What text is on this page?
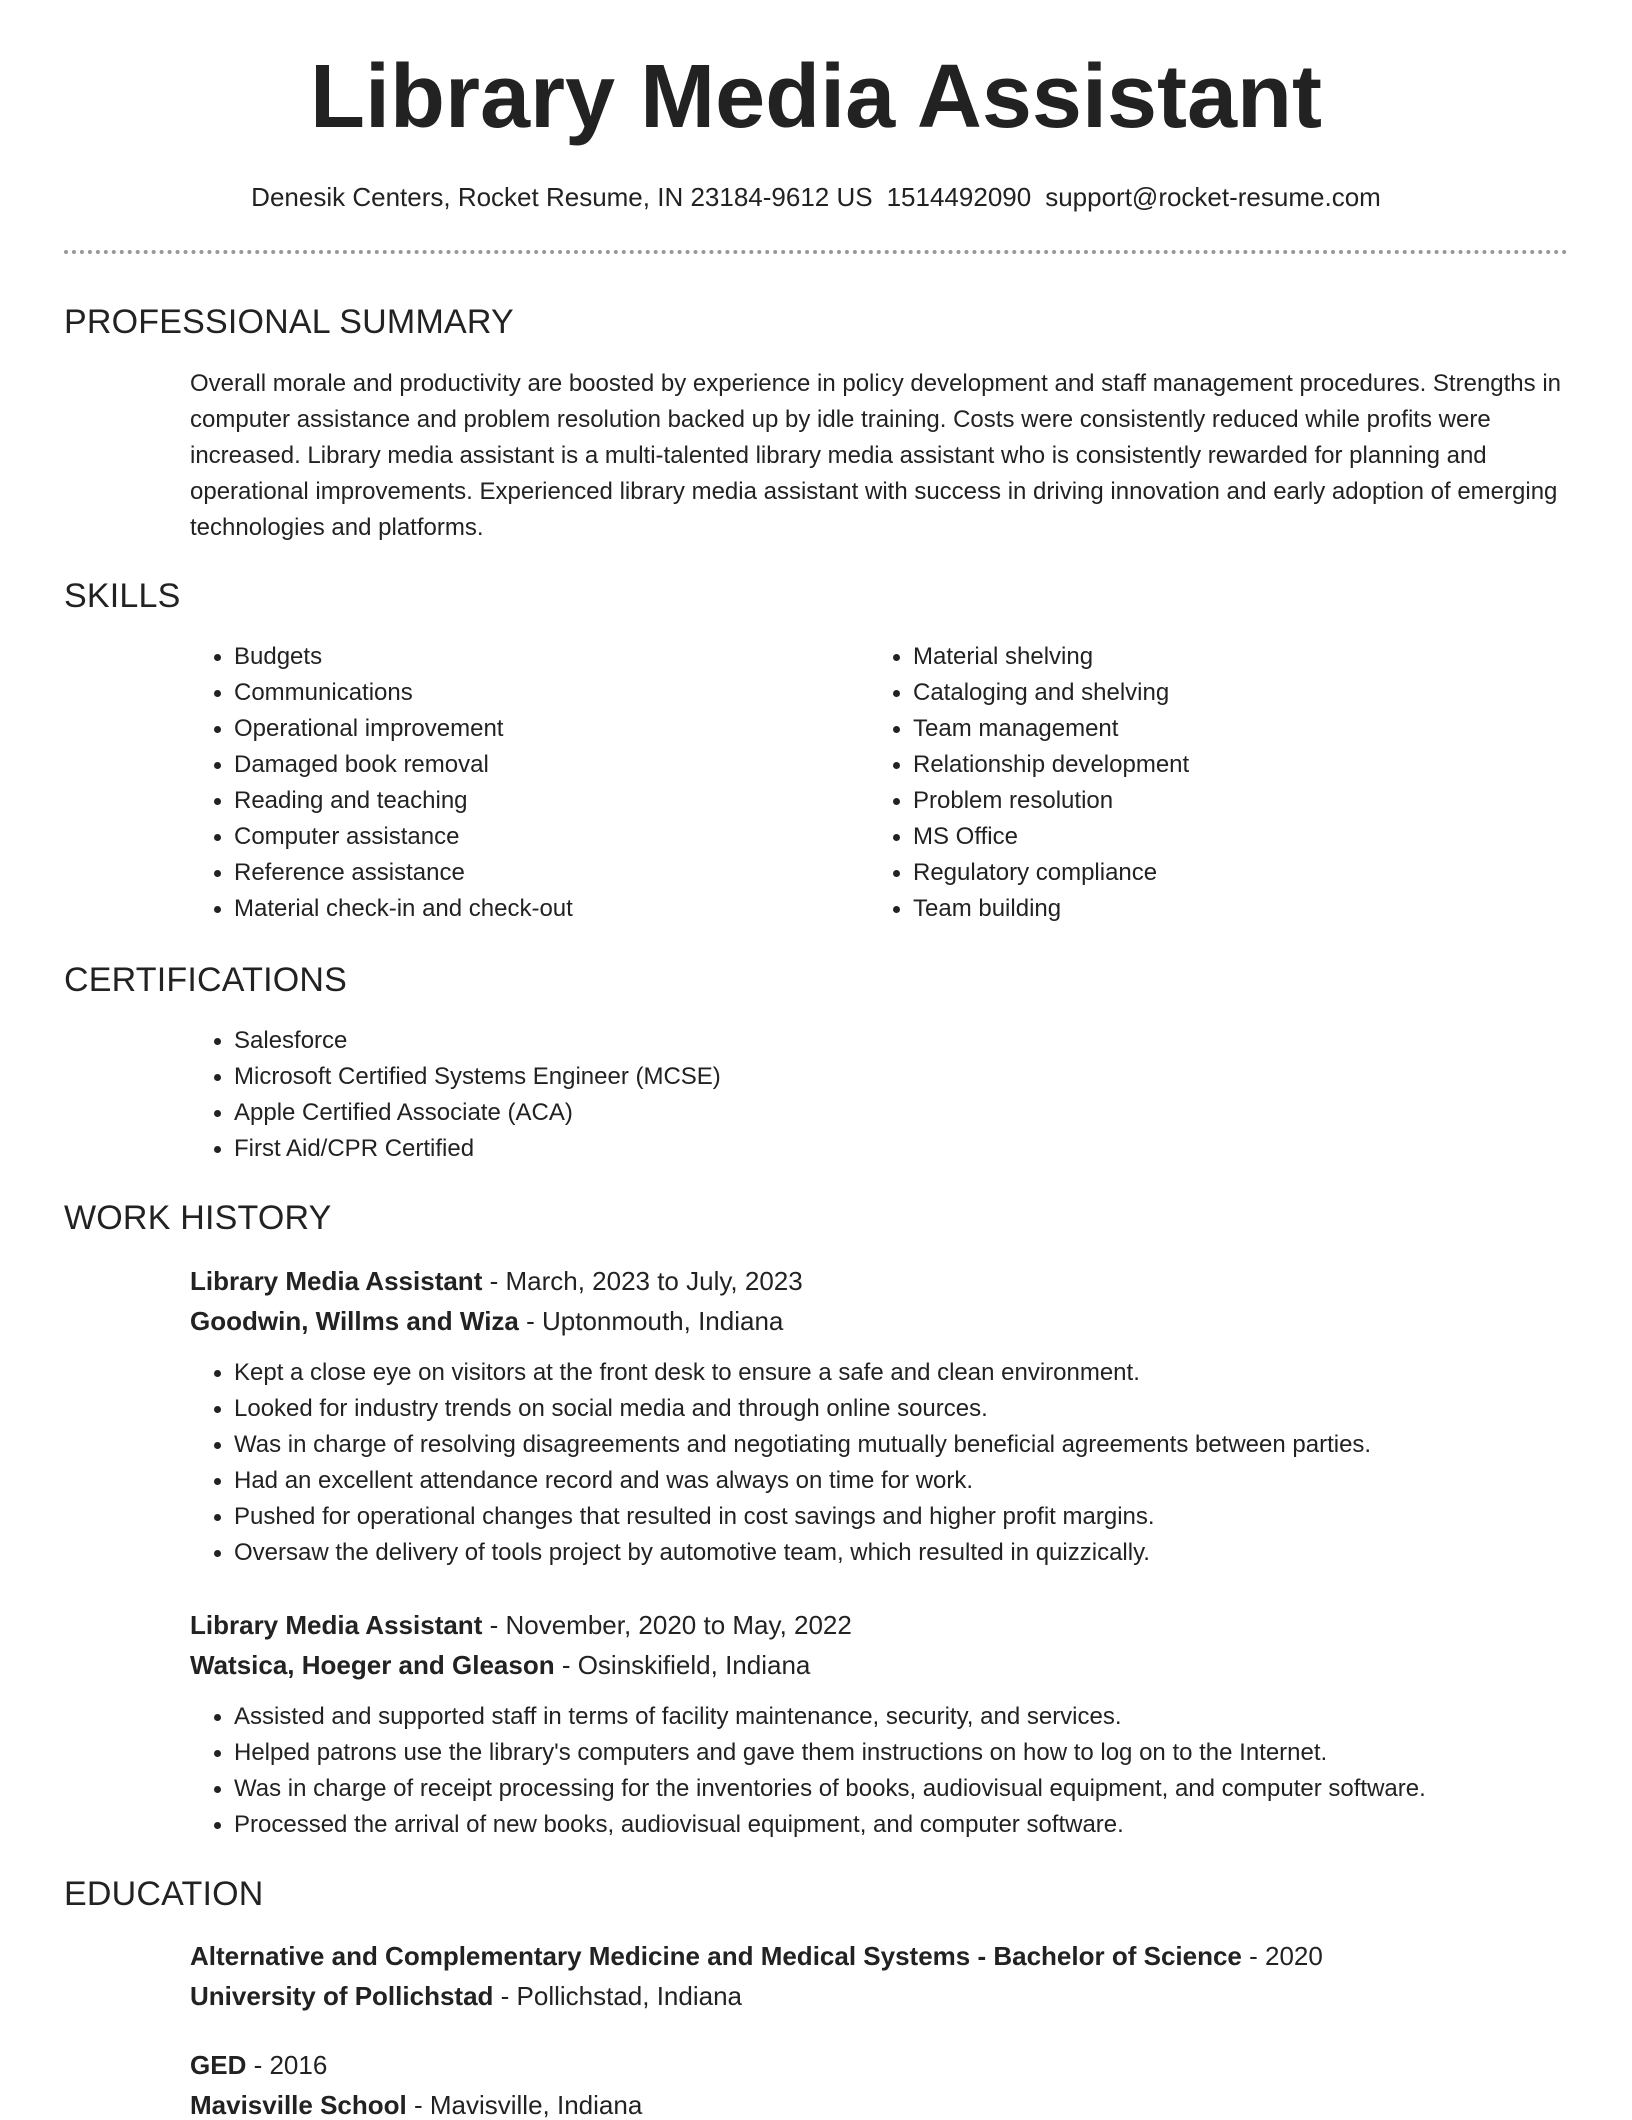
Library Media Assistant
Denesik Centers, Rocket Resume, IN 23184-9612 US 1514492090 support@rocket-resume.com
PROFESSIONAL SUMMARY

Overall morale and productivity are boosted by experience in policy development and staff management procedures. Strengths in computer assistance and problem resolution backed up by idle training. Costs were consistently reduced while profits were increased. Library media assistant is a multi-talented library media assistant who is consistently rewarded for planning and operational improvements. Experienced library media assistant with success in driving innovation and early adoption of emerging technologies and platforms.

SKILLS
• Budgets
• Communications
• Operational improvement
• Damaged book removal
• Reading and teaching
• Computer assistance
• Reference assistance
• Material check-in and check-out
• Material shelving
• Cataloging and shelving
• Team management
• Relationship development
• Problem resolution
• MS Office
• Regulatory compliance
• Team building
CERTIFICATIONS
• Salesforce
• Microsoft Certified Systems Engineer (MCSE)
• Apple Certified Associate (ACA)
• First Aid/CPR Certified
WORK HISTORY
Library Media Assistant - March, 2023 to July, 2023
Goodwin, Willms and Wiza - Uptonmouth, Indiana
• Kept a close eye on visitors at the front desk to ensure a safe and clean environment.
• Looked for industry trends on social media and through online sources.
• Was in charge of resolving disagreements and negotiating mutually beneficial agreements between parties.
• Had an excellent attendance record and was always on time for work.
• Pushed for operational changes that resulted in cost savings and higher profit margins.
• Oversaw the delivery of tools project by automotive team, which resulted in quizzically.
Library Media Assistant - November, 2020 to May, 2022
Watsica, Hoeger and Gleason - Osinskifield, Indiana
• Assisted and supported staff in terms of facility maintenance, security, and services.
• Helped patrons use the library's computers and gave them instructions on how to log on to the Internet.
• Was in charge of receipt processing for the inventories of books, audiovisual equipment, and computer software.
• Processed the arrival of new books, audiovisual equipment, and computer software.
EDUCATION
Alternative and Complementary Medicine and Medical Systems - Bachelor of Science - 2020
University of Pollichstad - Pollichstad, Indiana
GED - 2016
Mavisville School - Mavisville, Indiana
